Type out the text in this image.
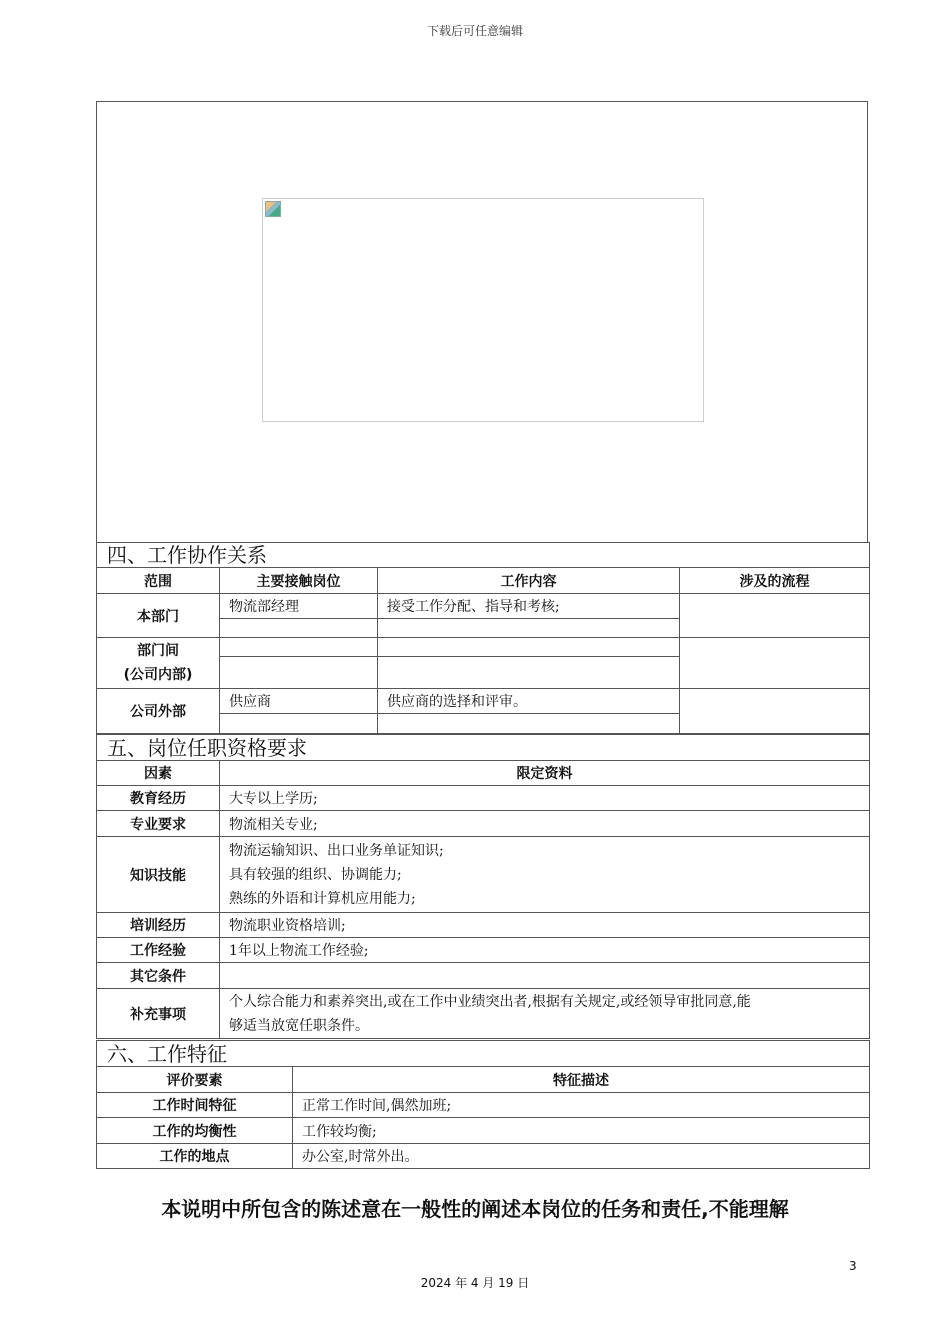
下载后可任意编辑
四、工作协作关系			
范围	主要接触岗位	工作内容	涉及的流程
本部门	物流部经理	接受工作分配、指导和考核;	

部门间
(公司内部)			

公司外部	供应商	供应商的选择和评审。	

五、岗位任职资格要求	
因素	限定资料
教育经历	大专以上学历;
专业要求	物流相关专业;
知识技能	物流运输知识、出口业务单证知识;
具有较强的组织、协调能力;
熟练的外语和计算机应用能力;

培训经历	物流职业资格培训;
工作经验	1年以上物流工作经验;
其它条件	
补充事项	个人综合能力和素养突出,或在工作中业绩突出者,根据有关规定,或经领导审批同意,能
够适当放宽任职条件。
六、工作特征	
评价要素	特征描述
工作时间特征	正常工作时间,偶然加班;
工作的均衡性	工作较均衡;
工作的地点	办公室,时常外出。
本说明中所包含的陈述意在一般性的阐述本岗位的任务和责任,不能理解
3
2024 年 4 月 19 日
